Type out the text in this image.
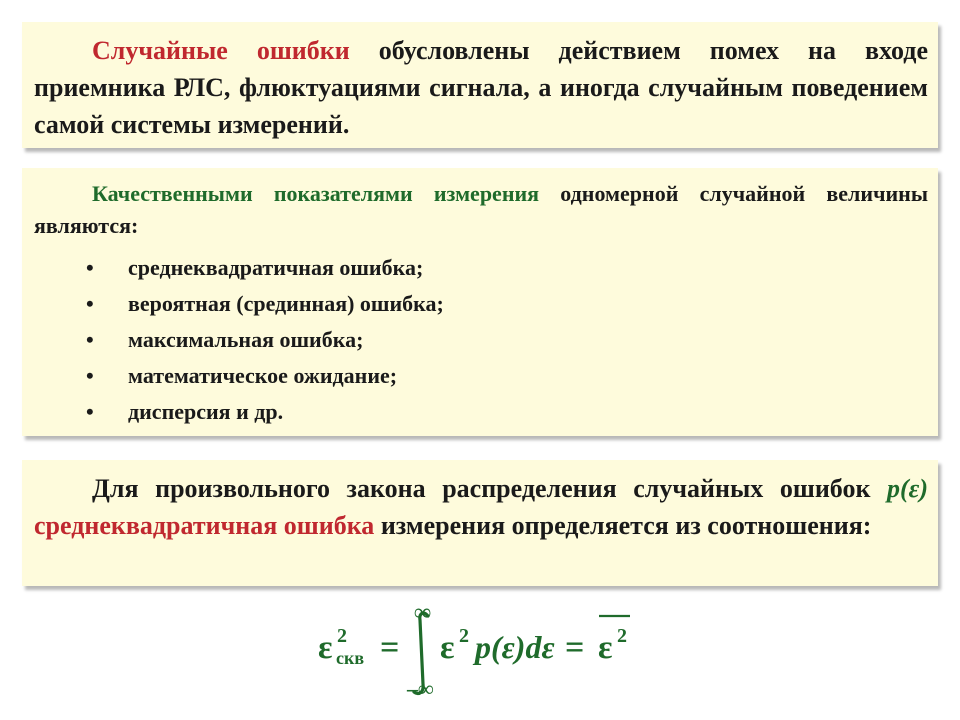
Случайные ошибки обусловлены действием помех на входе приемника РЛС, флюктуациями сигнала, а иногда случайным поведением самой системы измерений.

Качественными показателями измерения одномерной случайной величины являются:

• среднеквадратичная ошибка;
• вероятная (срединная) ошибка;
• максимальная ошибка;
• математическое ожидание;
• дисперсия и др.

Для произвольного закона распределения случайных ошибок p(ε) среднеквадратичная ошибка измерения определяется из соотношения:

ε 2
скв =
∞
–∞
ε 2 p(ε)dε = ε 2
